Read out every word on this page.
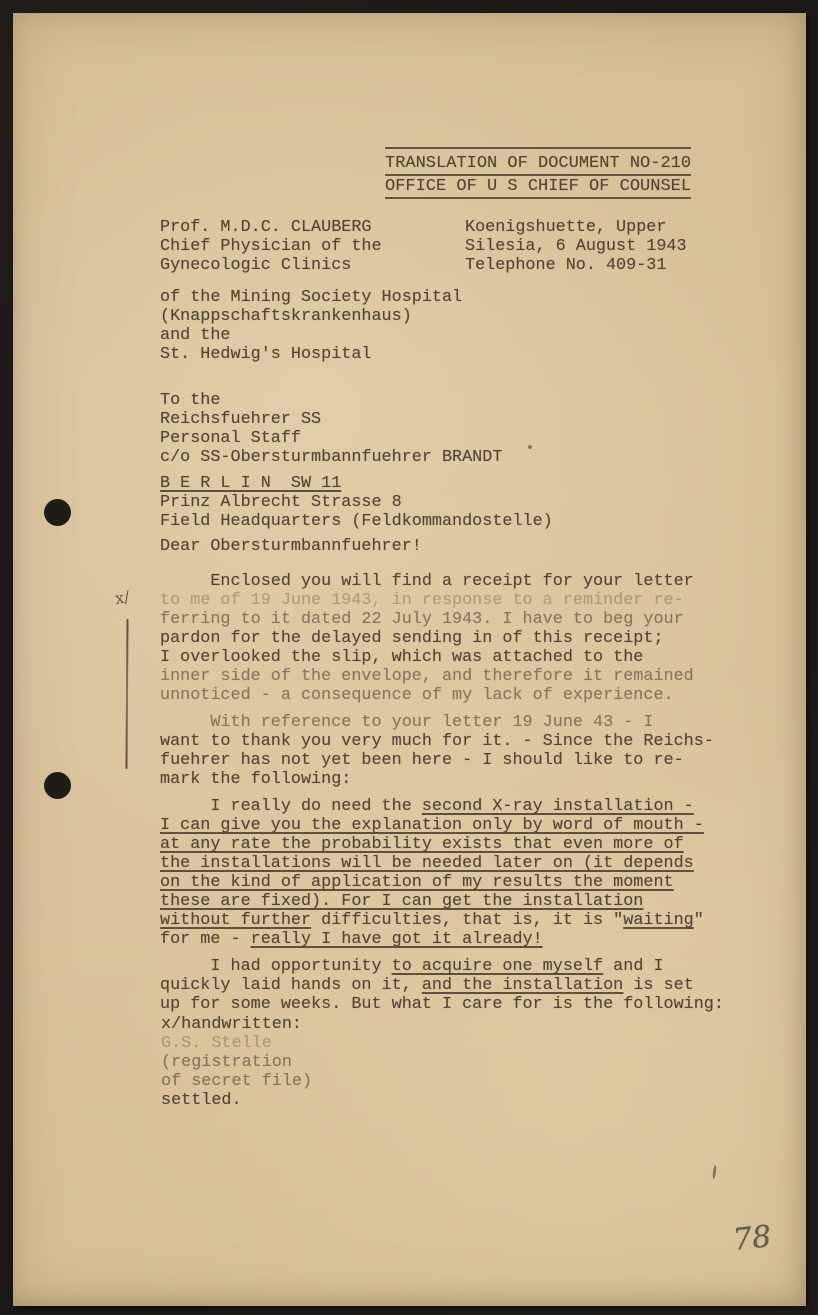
TRANSLATION OF DOCUMENT NO-210
OFFICE OF U S CHIEF OF COUNSEL
Prof. M.D.C. CLAUBERG
Chief Physician of the
Gynecologic Clinics
Koenigshuette, Upper
Silesia, 6 August 1943
Telephone No. 409-31
of the Mining Society Hospital
(Knappschaftskrankenhaus)
and the
St. Hedwig's Hospital
To the
Reichsfuehrer SS
Personal Staff
c/o SS-Obersturmbannfuehrer BRANDT
B E R L I N  SW 11
Prinz Albrecht Strasse 8
Field Headquarters (Feldkommandostelle)
Dear Obersturmbannfuehrer!
Enclosed you will find a receipt for your letter
to me of 19 June 1943, in response to a reminder re-
ferring to it dated 22 July 1943. I have to beg your
pardon for the delayed sending in of this receipt;
I overlooked the slip, which was attached to the
inner side of the envelope, and therefore it remained
unnoticed - a consequence of my lack of experience.
With reference to your letter 19 June 43 - I
want to thank you very much for it. - Since the Reichs-
fuehrer has not yet been here - I should like to re-
mark the following:
I really do need the second X-ray installation -
I can give you the explanation only by word of mouth -
at any rate the probability exists that even more of
the installations will be needed later on (it depends
on the kind of application of my results the moment
these are fixed). For I can get the installation
without further difficulties, that is, it is "waiting"
for me - really I have got it already!
I had opportunity to acquire one myself and I
quickly laid hands on it, and the installation is set
up for some weeks. But what I care for is the following:
x/handwritten:
G.S. Stelle
(registration
of secret file)
settled.
x/
78
